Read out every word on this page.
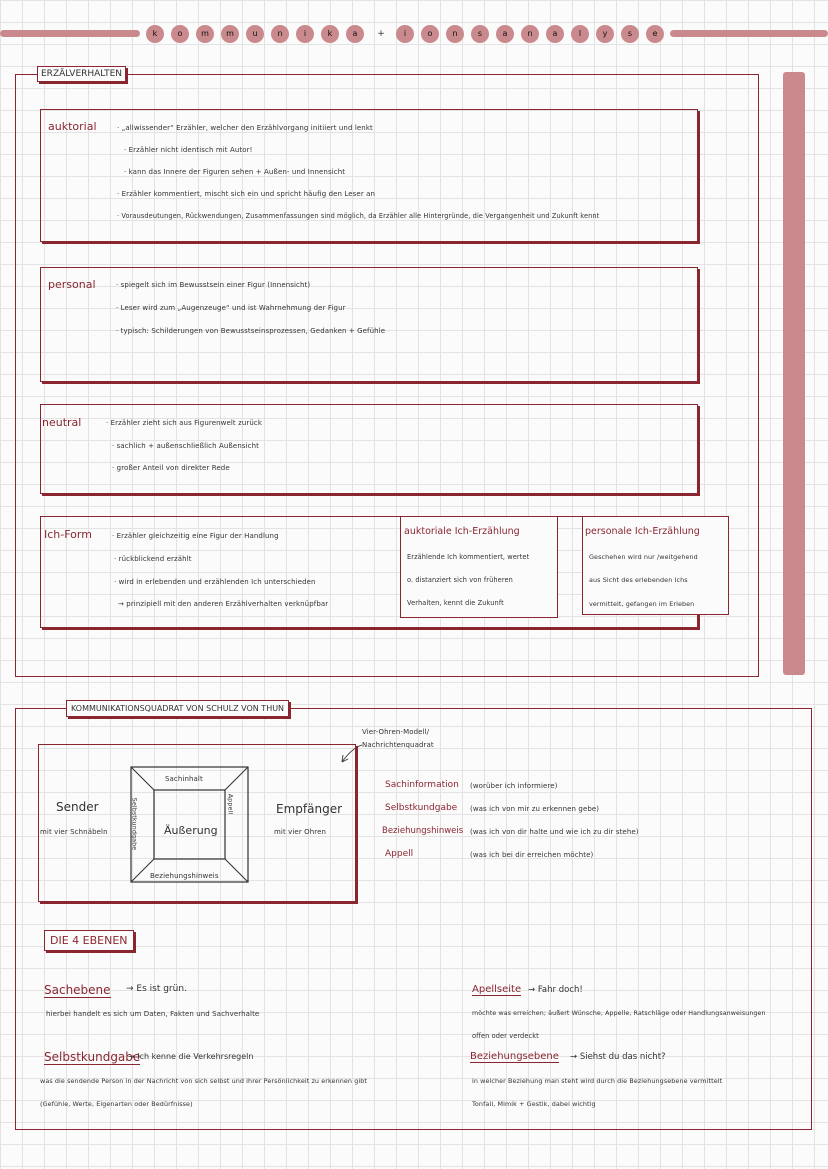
k	o	m	m	u	n	i	k	a	+	i	o	n	s	a	n	a	l	y	s	e
ERZÄLVERHALTEN
auktorial	· „allwissender“ Erzähler, welcher den Erzählvorgang initiiert und lenkt
· Erzähler nicht identisch mit Autor!
· kann das Innere der Figuren sehen + Außen- und Innensicht
· Erzähler kommentiert, mischt sich ein und spricht häufig den Leser an
· Vorausdeutungen, Rückwendungen, Zusammenfassungen sind möglich, da Erzähler alle Hintergründe, die Vergangenheit und Zukunft kennt
personal	· spiegelt sich im Bewusstsein einer Figur (Innensicht)
· Leser wird zum „Augenzeuge“ und ist Wahrnehmung der Figur
· typisch: Schilderungen von Bewusstseinsprozessen, Gedanken + Gefühle
neutral	· Erzähler zieht sich aus Figurenwelt zurück
· sachlich + außenschließlich Außensicht
· großer Anteil von direkter Rede
Ich-Form	· Erzähler gleichzeitig eine Figur der Handlung
· rückblickend erzählt
· wird in erlebenden und erzählenden Ich unterschieden
→ prinzipiell mit den anderen Erzählverhalten verknüpfbar
auktoriale Ich-Erzählung
Erzählende Ich kommentiert, wertet
o. distanziert sich von früheren
Verhalten, kennt die Zukunft
personale Ich-Erzählung
Geschehen wird nur /weitgehend
aus Sicht des erlebenden Ichs
vermittelt, gefangen im Erleben
KOMMUNIKATIONSQUADRAT VON SCHULZ VON THUN
Vier-Ohren-Modell/
Nachrichtenquadrat
Sender
mit vier Schnäbeln
Empfänger
mit vier Ohren
Sachinhalt
Beziehungshinweis
Äußerung
Selbstkundgabe	Appell
Sachinformation (worüber ich informiere)
Selbstkundgabe (was ich von mir zu erkennen gebe)
Beziehungshinweis (was ich von dir halte und wie ich zu dir stehe)
Appell	(was ich bei dir erreichen möchte)
DIE 4 EBENEN
Sachebene → Es ist grün.
hierbei handelt es sich um Daten, Fakten und Sachverhalte
Selbstkundgabe
→ Ich kenne die Verkehrsregeln
was die sendende Person in der Nachricht von sich selbst und ihrer Persönlichkeit zu erkennen gibt
(Gefühle, Werte, Eigenarten oder Bedürfnisse)
Apellseite → Fahr doch!
möchte was erreichen; äußert Wünsche, Appelle, Ratschläge oder Handlungsanweisungen
offen oder verdeckt
Beziehungsebene → Siehst du das nicht?
in welcher Beziehung man steht wird durch die Beziehungsebene vermittelt
Tonfall, Mimik + Gestik, dabei wichtig
